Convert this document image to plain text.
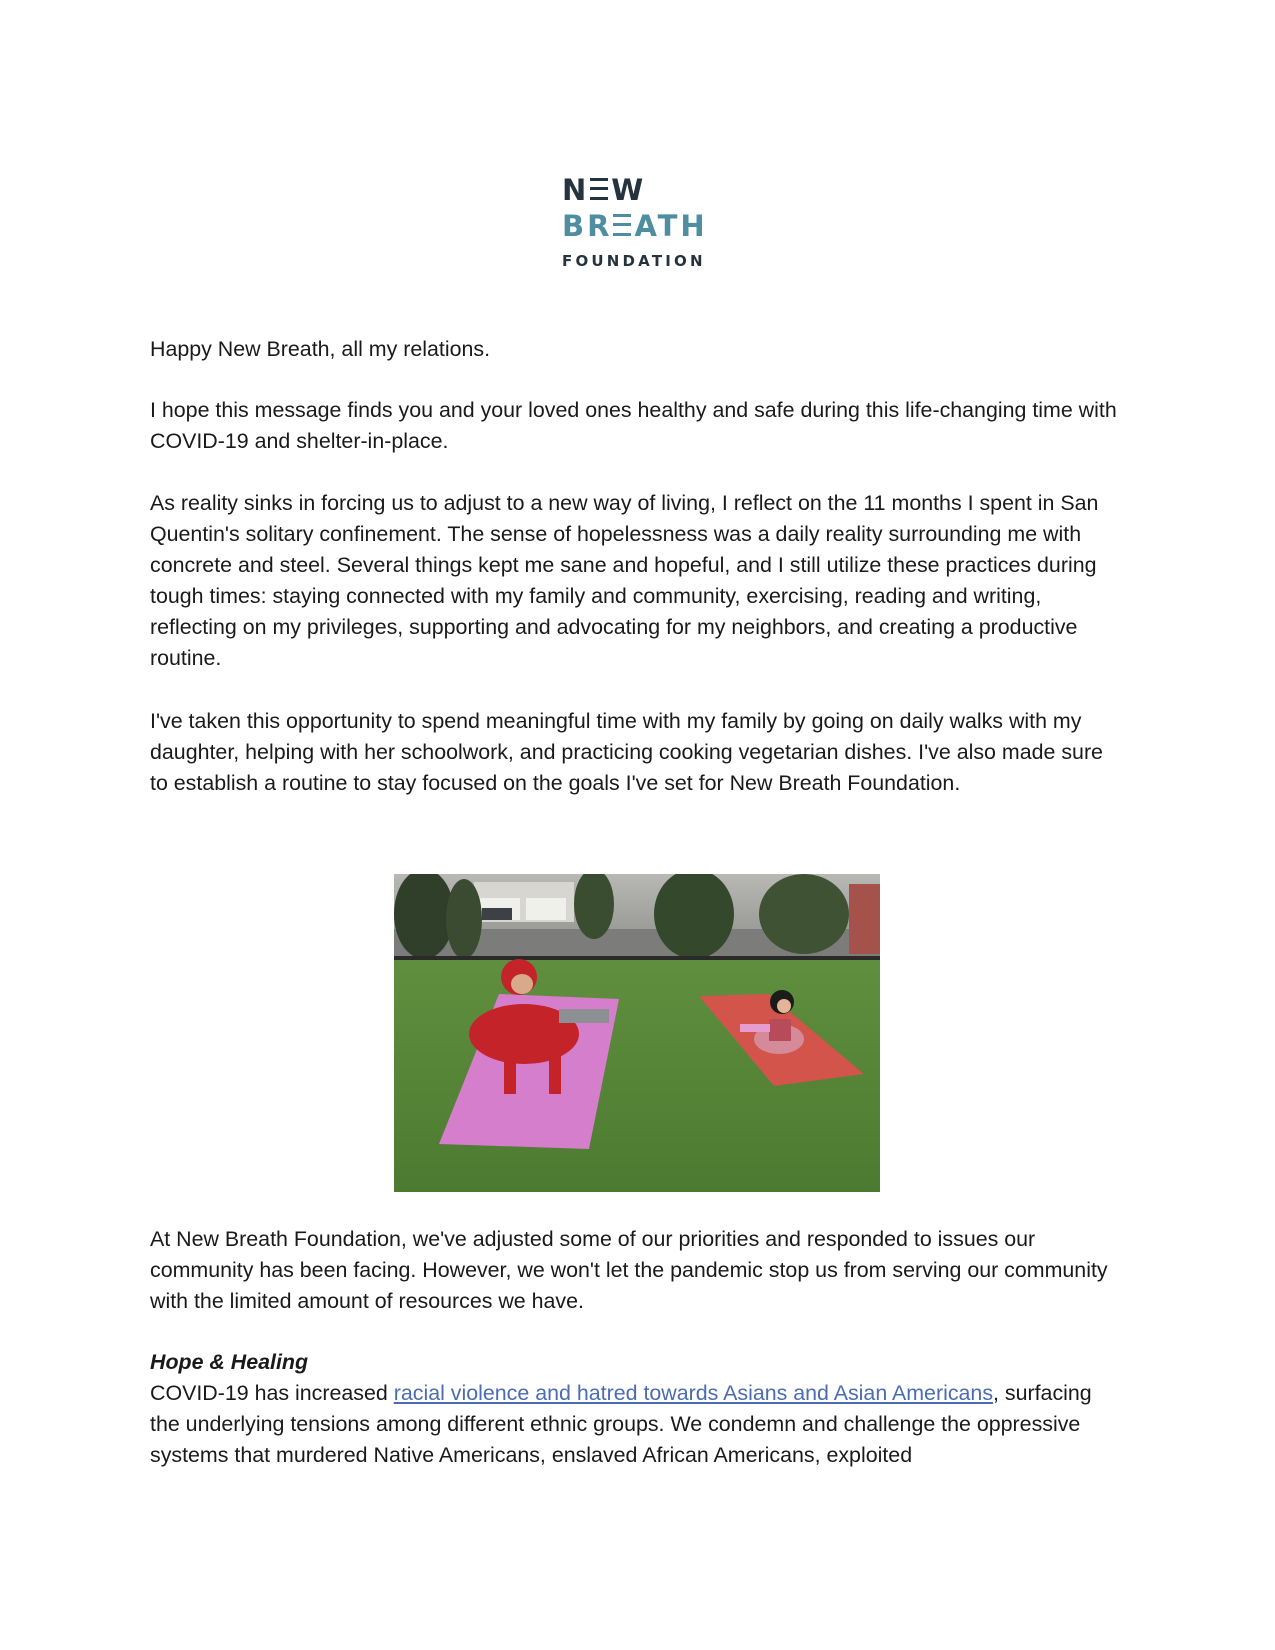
N W
BR ATH
FOUNDATION

Happy New Breath, all my relations.

I hope this message finds you and your loved ones healthy and safe during this life-changing time with COVID-19 and shelter-in-place.

As reality sinks in forcing us to adjust to a new way of living, I reflect on the 11 months I spent in San Quentin's solitary confinement. The sense of hopelessness was a daily reality surrounding me with concrete and steel. Several things kept me sane and hopeful, and I still utilize these practices during tough times: staying connected with my family and community, exercising, reading and writing, reflecting on my privileges, supporting and advocating for my neighbors, and creating a productive routine.

I've taken this opportunity to spend meaningful time with my family by going on daily walks with my daughter, helping with her schoolwork, and practicing cooking vegetarian dishes. I've also made sure to establish a routine to stay focused on the goals I've set for New Breath Foundation.

At New Breath Foundation, we've adjusted some of our priorities and responded to issues our community has been facing. However, we won't let the pandemic stop us from serving our community with the limited amount of resources we have.

Hope & Healing

COVID-19 has increased racial violence and hatred towards Asians and Asian Americans, surfacing the underlying tensions among different ethnic groups. We condemn and challenge the oppressive systems that murdered Native Americans, enslaved African Americans, exploited
